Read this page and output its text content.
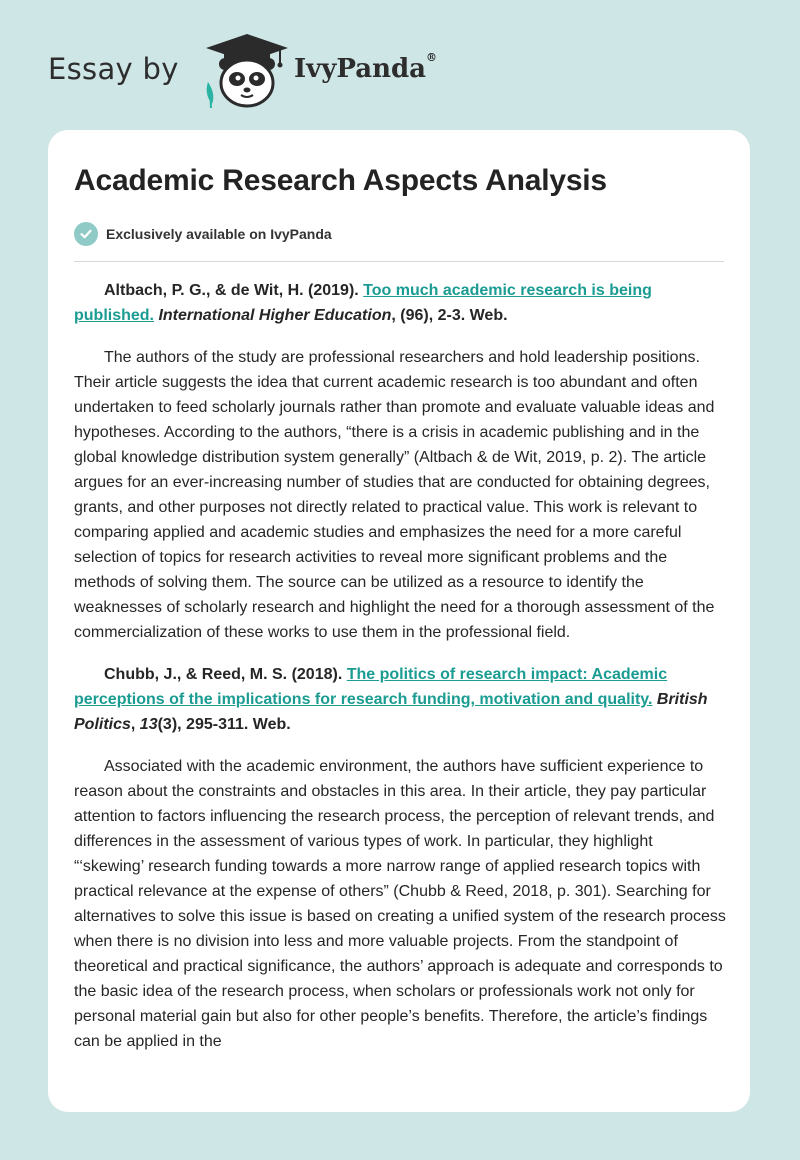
Essay by	IvyPanda®
Academic Research Aspects Analysis
Exclusively available on IvyPanda

Altbach, P. G., & de Wit, H. (2019). Too much academic research is being published. International Higher Education, (96), 2-3. Web.

The authors of the study are professional researchers and hold leadership positions. Their article suggests the idea that current academic research is too abundant and often undertaken to feed scholarly journals rather than promote and evaluate valuable ideas and hypotheses. According to the authors, “there is a crisis in academic publishing and in the global knowledge distribution system generally” (Altbach & de Wit, 2019, p. 2). The article argues for an ever-increasing number of studies that are conducted for obtaining degrees, grants, and other purposes not directly related to practical value. This work is relevant to comparing applied and academic studies and emphasizes the need for a more careful selection of topics for research activities to reveal more significant problems and the methods of solving them. The source can be utilized as a resource to identify the weaknesses of scholarly research and highlight the need for a thorough assessment of the commercialization of these works to use them in the professional field.

Chubb, J., & Reed, M. S. (2018). The politics of research impact: Academic perceptions of the implications for research funding, motivation and quality. British Politics, 13(3), 295-311. Web.

Associated with the academic environment, the authors have sufficient experience to reason about the constraints and obstacles in this area. In their article, they pay particular attention to factors influencing the research process, the perception of relevant trends, and differences in the assessment of various types of work. In particular, they highlight “‘skewing’ research funding towards a more narrow range of applied research topics with practical relevance at the expense of others” (Chubb & Reed, 2018, p. 301). Searching for alternatives to solve this issue is based on creating a unified system of the research process when there is no division into less and more valuable projects. From the standpoint of theoretical and practical significance, the authors’ approach is adequate and corresponds to the basic idea of the research process, when scholars or professionals work not only for personal material gain but also for other people’s benefits. Therefore, the article’s findings can be applied in the
